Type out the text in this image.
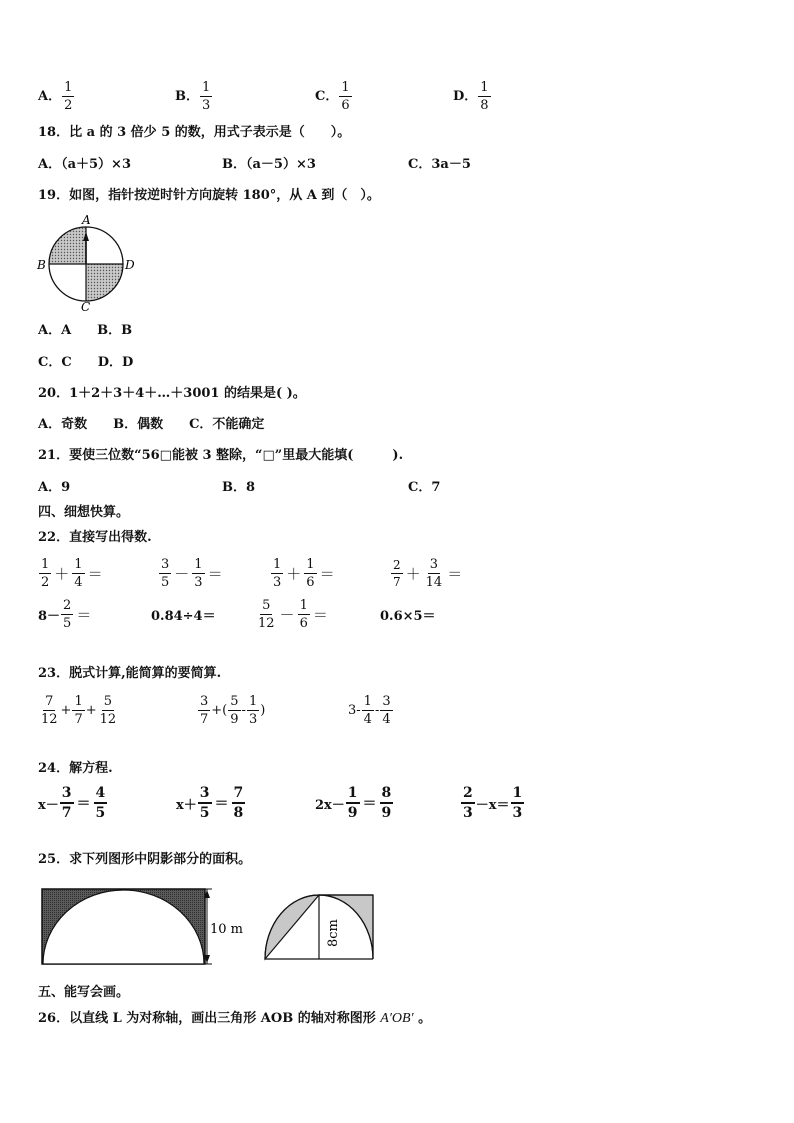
A． $\frac{1}{2}$	B． $\frac{1}{3}$	C． $\frac{1}{6}$	D． $\frac{1}{8}$
18．比 a 的 3 倍少 5 的数，用式子表示是（　　）。
A．（a＋5）×3	B．（a－5）×3	C．3a－5
19．如图，指针按逆时针方向旋转 180°，从 A 到（　）。
A
B	D
C
A．A　　B．B
C．C　　D．D
20．1＋2＋3＋4＋…＋3001 的结果是( )。
A．奇数　　B．偶数　　C．不能确定
21．要使三位数“56□能被 3 整除，“□”里最大能填(　　　).
A．9	B．8	C．7
四、细想快算。
22．直接写出得数.
$\frac{1}{2} + \frac{1}{4}$ ＝	$\frac{3}{5} - \frac{1}{3}$ ＝	$\frac{1}{3} + \frac{1}{6}$ ＝	$\frac{2}{7} + \frac{3}{14}$ ＝
$8- \frac{2}{5}$ ＝	0.84÷4＝	$\frac{5}{12} - \frac{1}{6}$ ＝	0.6×5＝
23．脱式计算,能简算的要简算.
$\frac{7}{12} + \frac{1}{7} + \frac{5}{12}$	$\frac{3}{7}$ +( $\frac{5}{9} - \frac{1}{3}$ )	$3- \frac{1}{4} - \frac{3}{4}$
24．解方程.
$x- \frac{3}{7} = \frac{4}{5}$	$x+ \frac{3}{5} = \frac{7}{8}$	$2x- \frac{1}{9} = \frac{8}{9}$	$\frac{2}{3} -x= \frac{1}{3}$
25．求下列图形中阴影部分的面积。
10 m	8cm
五、能写会画。
26．以直线 L 为对称轴，画出三角形 AOB 的轴对称图形 A′OB′ 。
